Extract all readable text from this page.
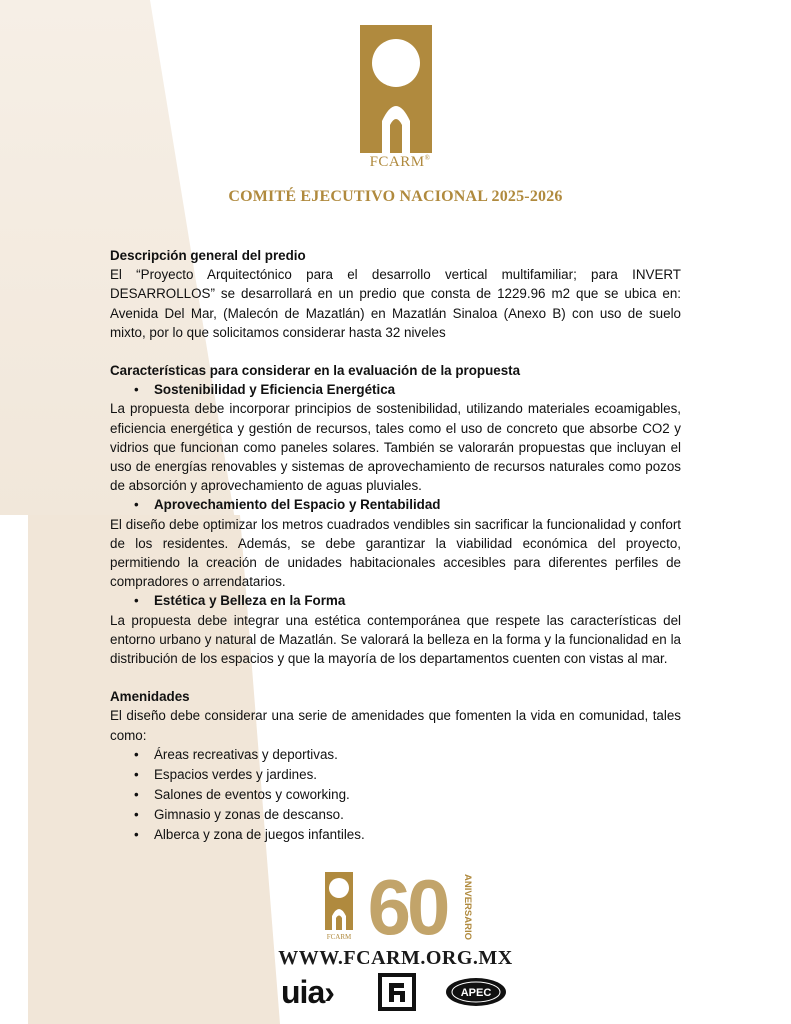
FCARM®
COMITÉ EJECUTIVO NACIONAL 2025-2026
Descripción general del predio

El “Proyecto Arquitectónico para el desarrollo vertical multifamiliar; para INVERT DESARROLLOS” se desarrollará en un predio que consta de 1229.96 m2 que se ubica en: Avenida Del Mar, (Malecón de Mazatlán) en Mazatlán Sinaloa (Anexo B) con uso de suelo mixto, por lo que solicitamos considerar hasta 32 niveles

Características para considerar en la evaluación de la propuesta
•	Sostenibilidad y Eficiencia Energética

La propuesta debe incorporar principios de sostenibilidad, utilizando materiales ecoamigables, eficiencia energética y gestión de recursos, tales como el uso de concreto que absorbe CO2 y vidrios que funcionan como paneles solares. También se valorarán propuestas que incluyan el uso de energías renovables y sistemas de aprovechamiento de recursos naturales como pozos de absorción y aprovechamiento de aguas pluviales.

•	Aprovechamiento del Espacio y Rentabilidad

El diseño debe optimizar los metros cuadrados vendibles sin sacrificar la funcionalidad y confort de los residentes. Además, se debe garantizar la viabilidad económica del proyecto, permitiendo la creación de unidades habitacionales accesibles para diferentes perfiles de compradores o arrendatarios.

•	Estética y Belleza en la Forma

La propuesta debe integrar una estética contemporánea que respete las características del entorno urbano y natural de Mazatlán. Se valorará la belleza en la forma y la funcionalidad en la distribución de los espacios y que la mayoría de los departamentos cuenten con vistas al mar.

Amenidades

El diseño debe considerar una serie de amenidades que fomenten la vida en comunidad, tales como:

•	Áreas recreativas y deportivas.
•	Espacios verdes y jardines.
•	Salones de eventos y coworking.
•	Gimnasio y zonas de descanso.
•	Alberca y zona de juegos infantiles.
FCARM 60 ANIVERSARIO
WWW.FCARM.ORG.MX
uia›	APEC
